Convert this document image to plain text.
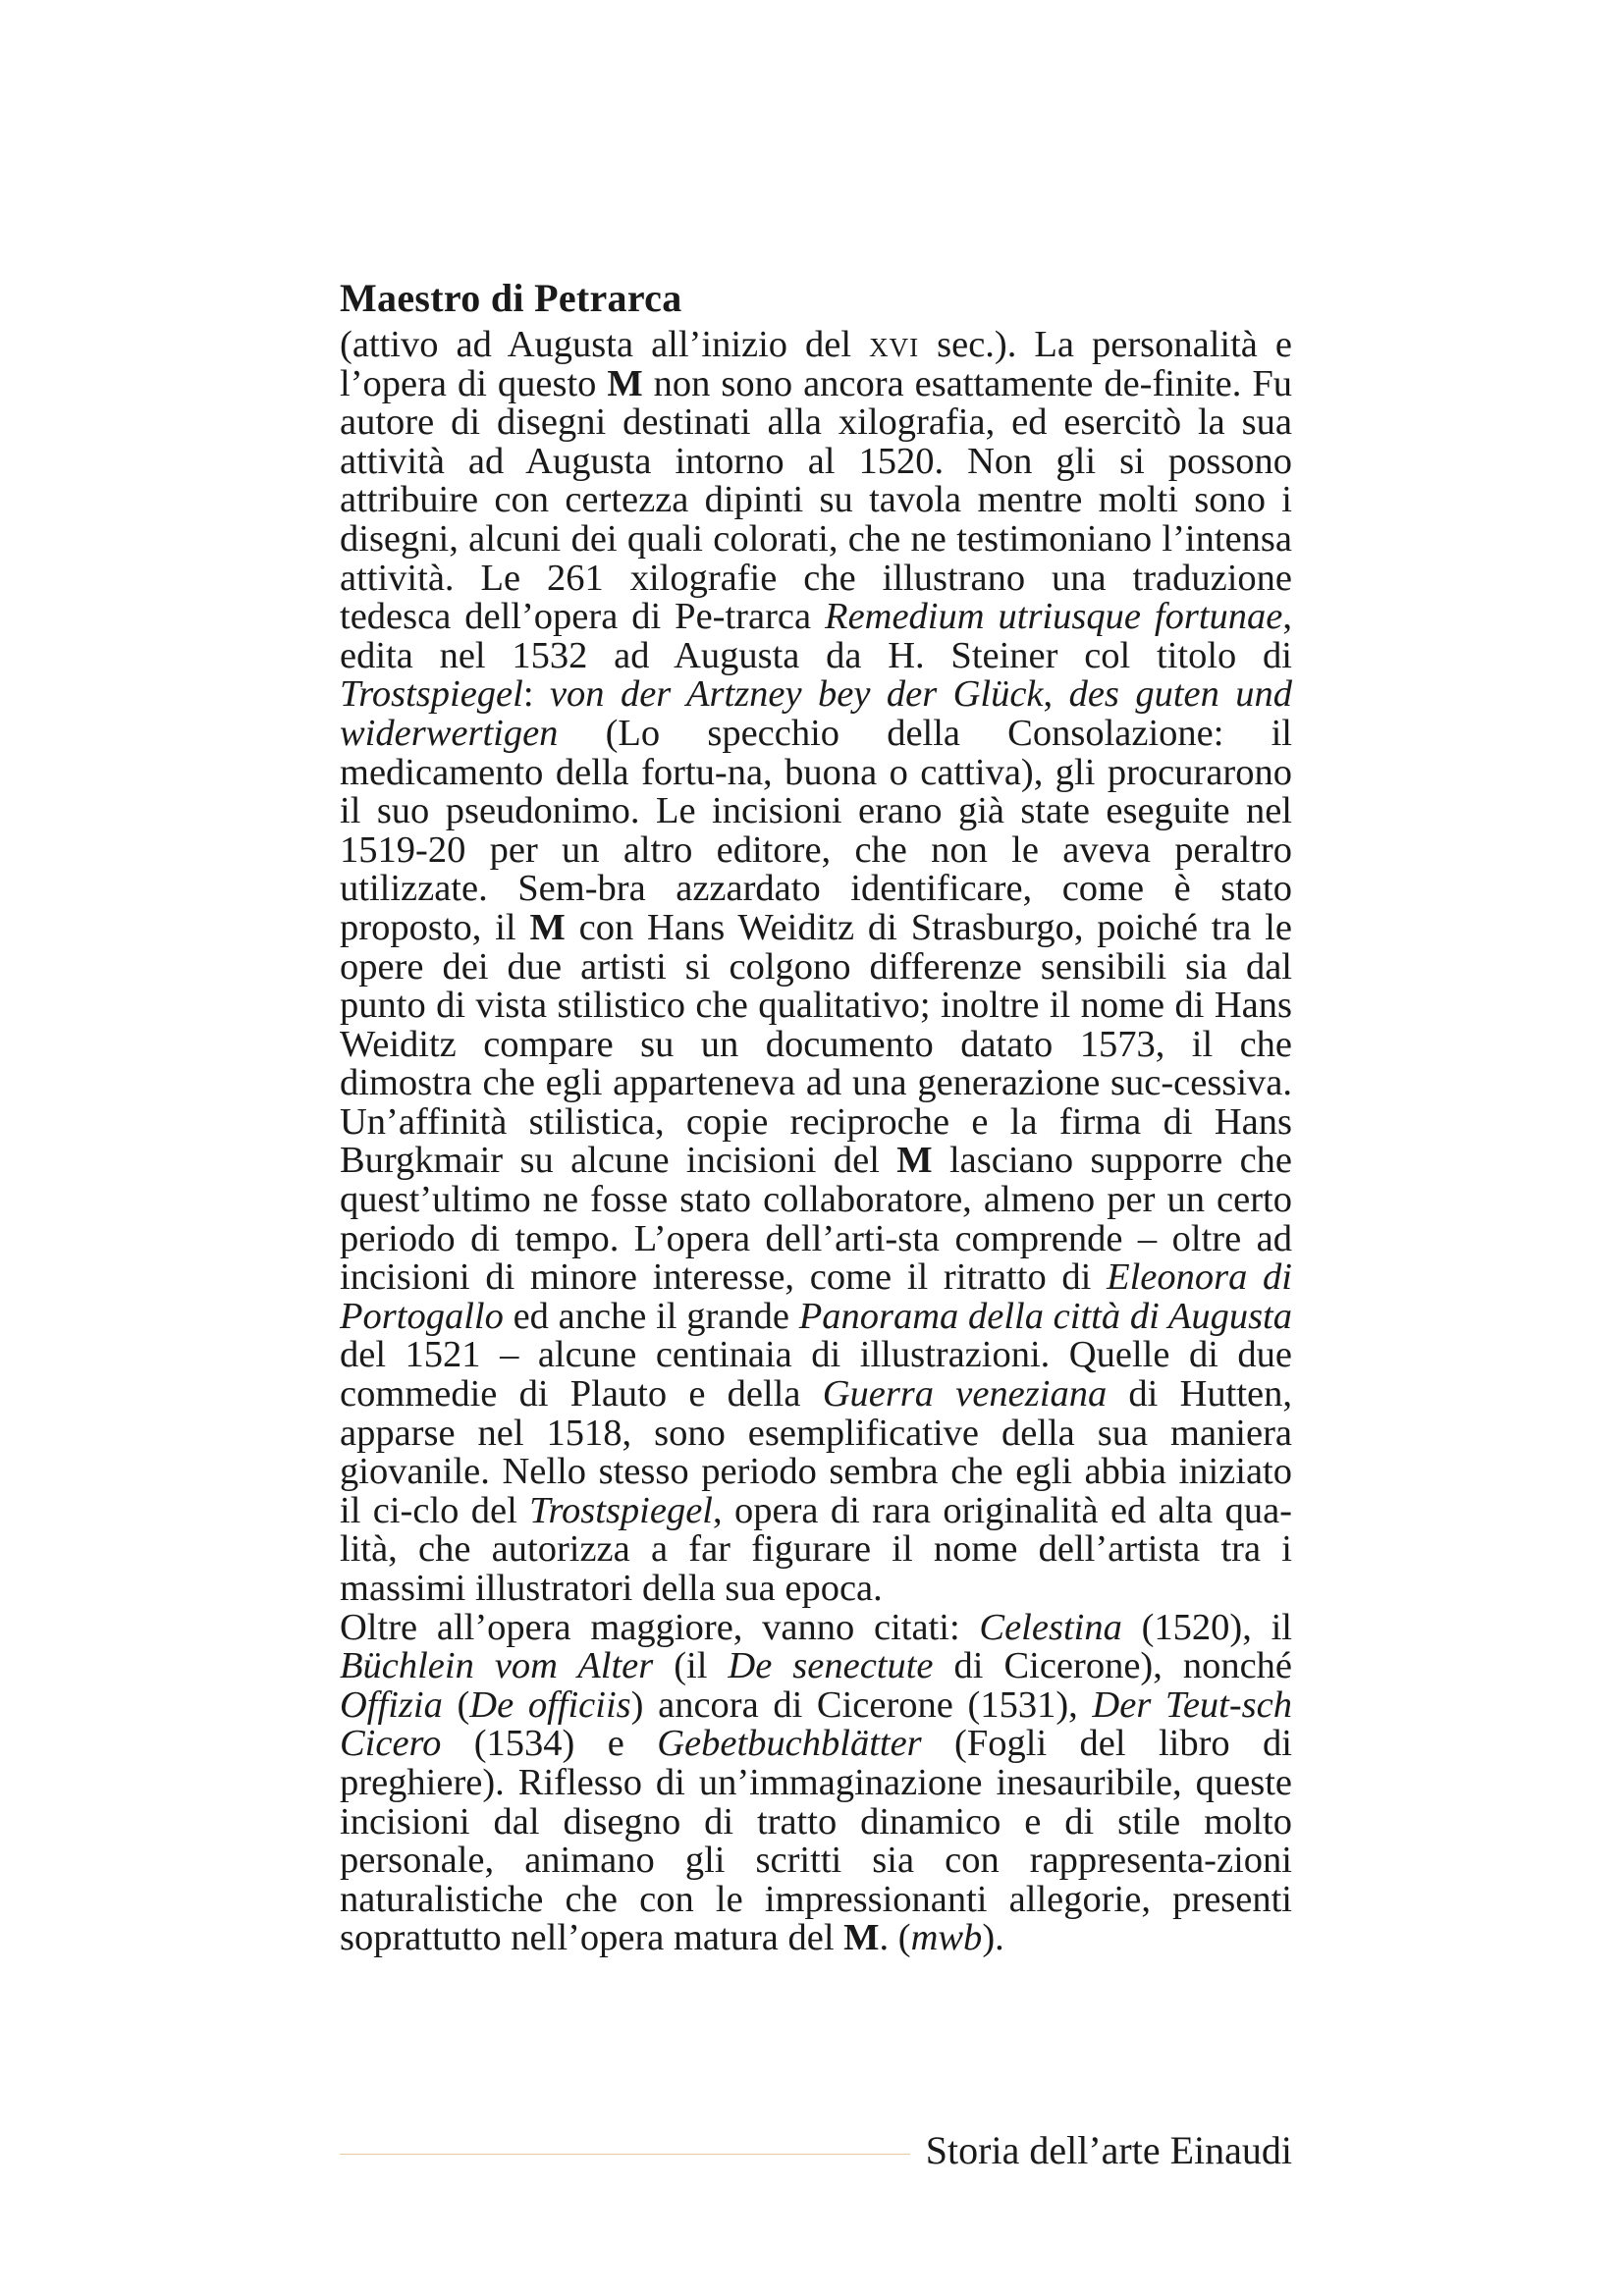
Maestro di Petrarca

(attivo ad Augusta all’inizio del xvi sec.). La personalità e l’opera di questo M non sono ancora esattamente de-finite. Fu autore di disegni destinati alla xilografia, ed esercitò la sua attività ad Augusta intorno al 1520. Non gli si possono attribuire con certezza dipinti su tavola mentre molti sono i disegni, alcuni dei quali colorati, che ne testimoniano l’intensa attività. Le 261 xilografie che illustrano una traduzione tedesca dell’opera di Pe-trarca Remedium utriusque fortunae, edita nel 1532 ad Augusta da H. Steiner col titolo di Trostspiegel: von der Artzney bey der Glück, des guten und widerwertigen (Lo specchio della Consolazione: il medicamento della fortu-na, buona o cattiva), gli procurarono il suo pseudonimo. Le incisioni erano già state eseguite nel 1519-20 per un altro editore, che non le aveva peraltro utilizzate. Sem-bra azzardato identificare, come è stato proposto, il M con Hans Weiditz di Strasburgo, poiché tra le opere dei due artisti si colgono differenze sensibili sia dal punto di vista stilistico che qualitativo; inoltre il nome di Hans Weiditz compare su un documento datato 1573, il che dimostra che egli apparteneva ad una generazione suc-cessiva. Un’affinità stilistica, copie reciproche e la firma di Hans Burgkmair su alcune incisioni del M lasciano supporre che quest’ultimo ne fosse stato collaboratore, almeno per un certo periodo di tempo. L’opera dell’arti-sta comprende – oltre ad incisioni di minore interesse, come il ritratto di Eleonora di Portogallo ed anche il grande Panorama della città di Augusta del 1521 – alcune centinaia di illustrazioni. Quelle di due commedie di Plauto e della Guerra veneziana di Hutten, apparse nel 1518, sono esemplificative della sua maniera giovanile. Nello stesso periodo sembra che egli abbia iniziato il ci-clo del Trostspiegel, opera di rara originalità ed alta qua-lità, che autorizza a far figurare il nome dell’artista tra i massimi illustratori della sua epoca.

Oltre all’opera maggiore, vanno citati: Celestina (1520), il Büchlein vom Alter (il De senectute di Cicerone), nonché Offizia (De officiis) ancora di Cicerone (1531), Der Teut-sch Cicero (1534) e Gebetbuchblätter (Fogli del libro di preghiere). Riflesso di un’immaginazione inesauribile, queste incisioni dal disegno di tratto dinamico e di stile molto personale, animano gli scritti sia con rappresenta-zioni naturalistiche che con le impressionanti allegorie, presenti soprattutto nell’opera matura del M. (mwb).

Storia dell’arte Einaudi
